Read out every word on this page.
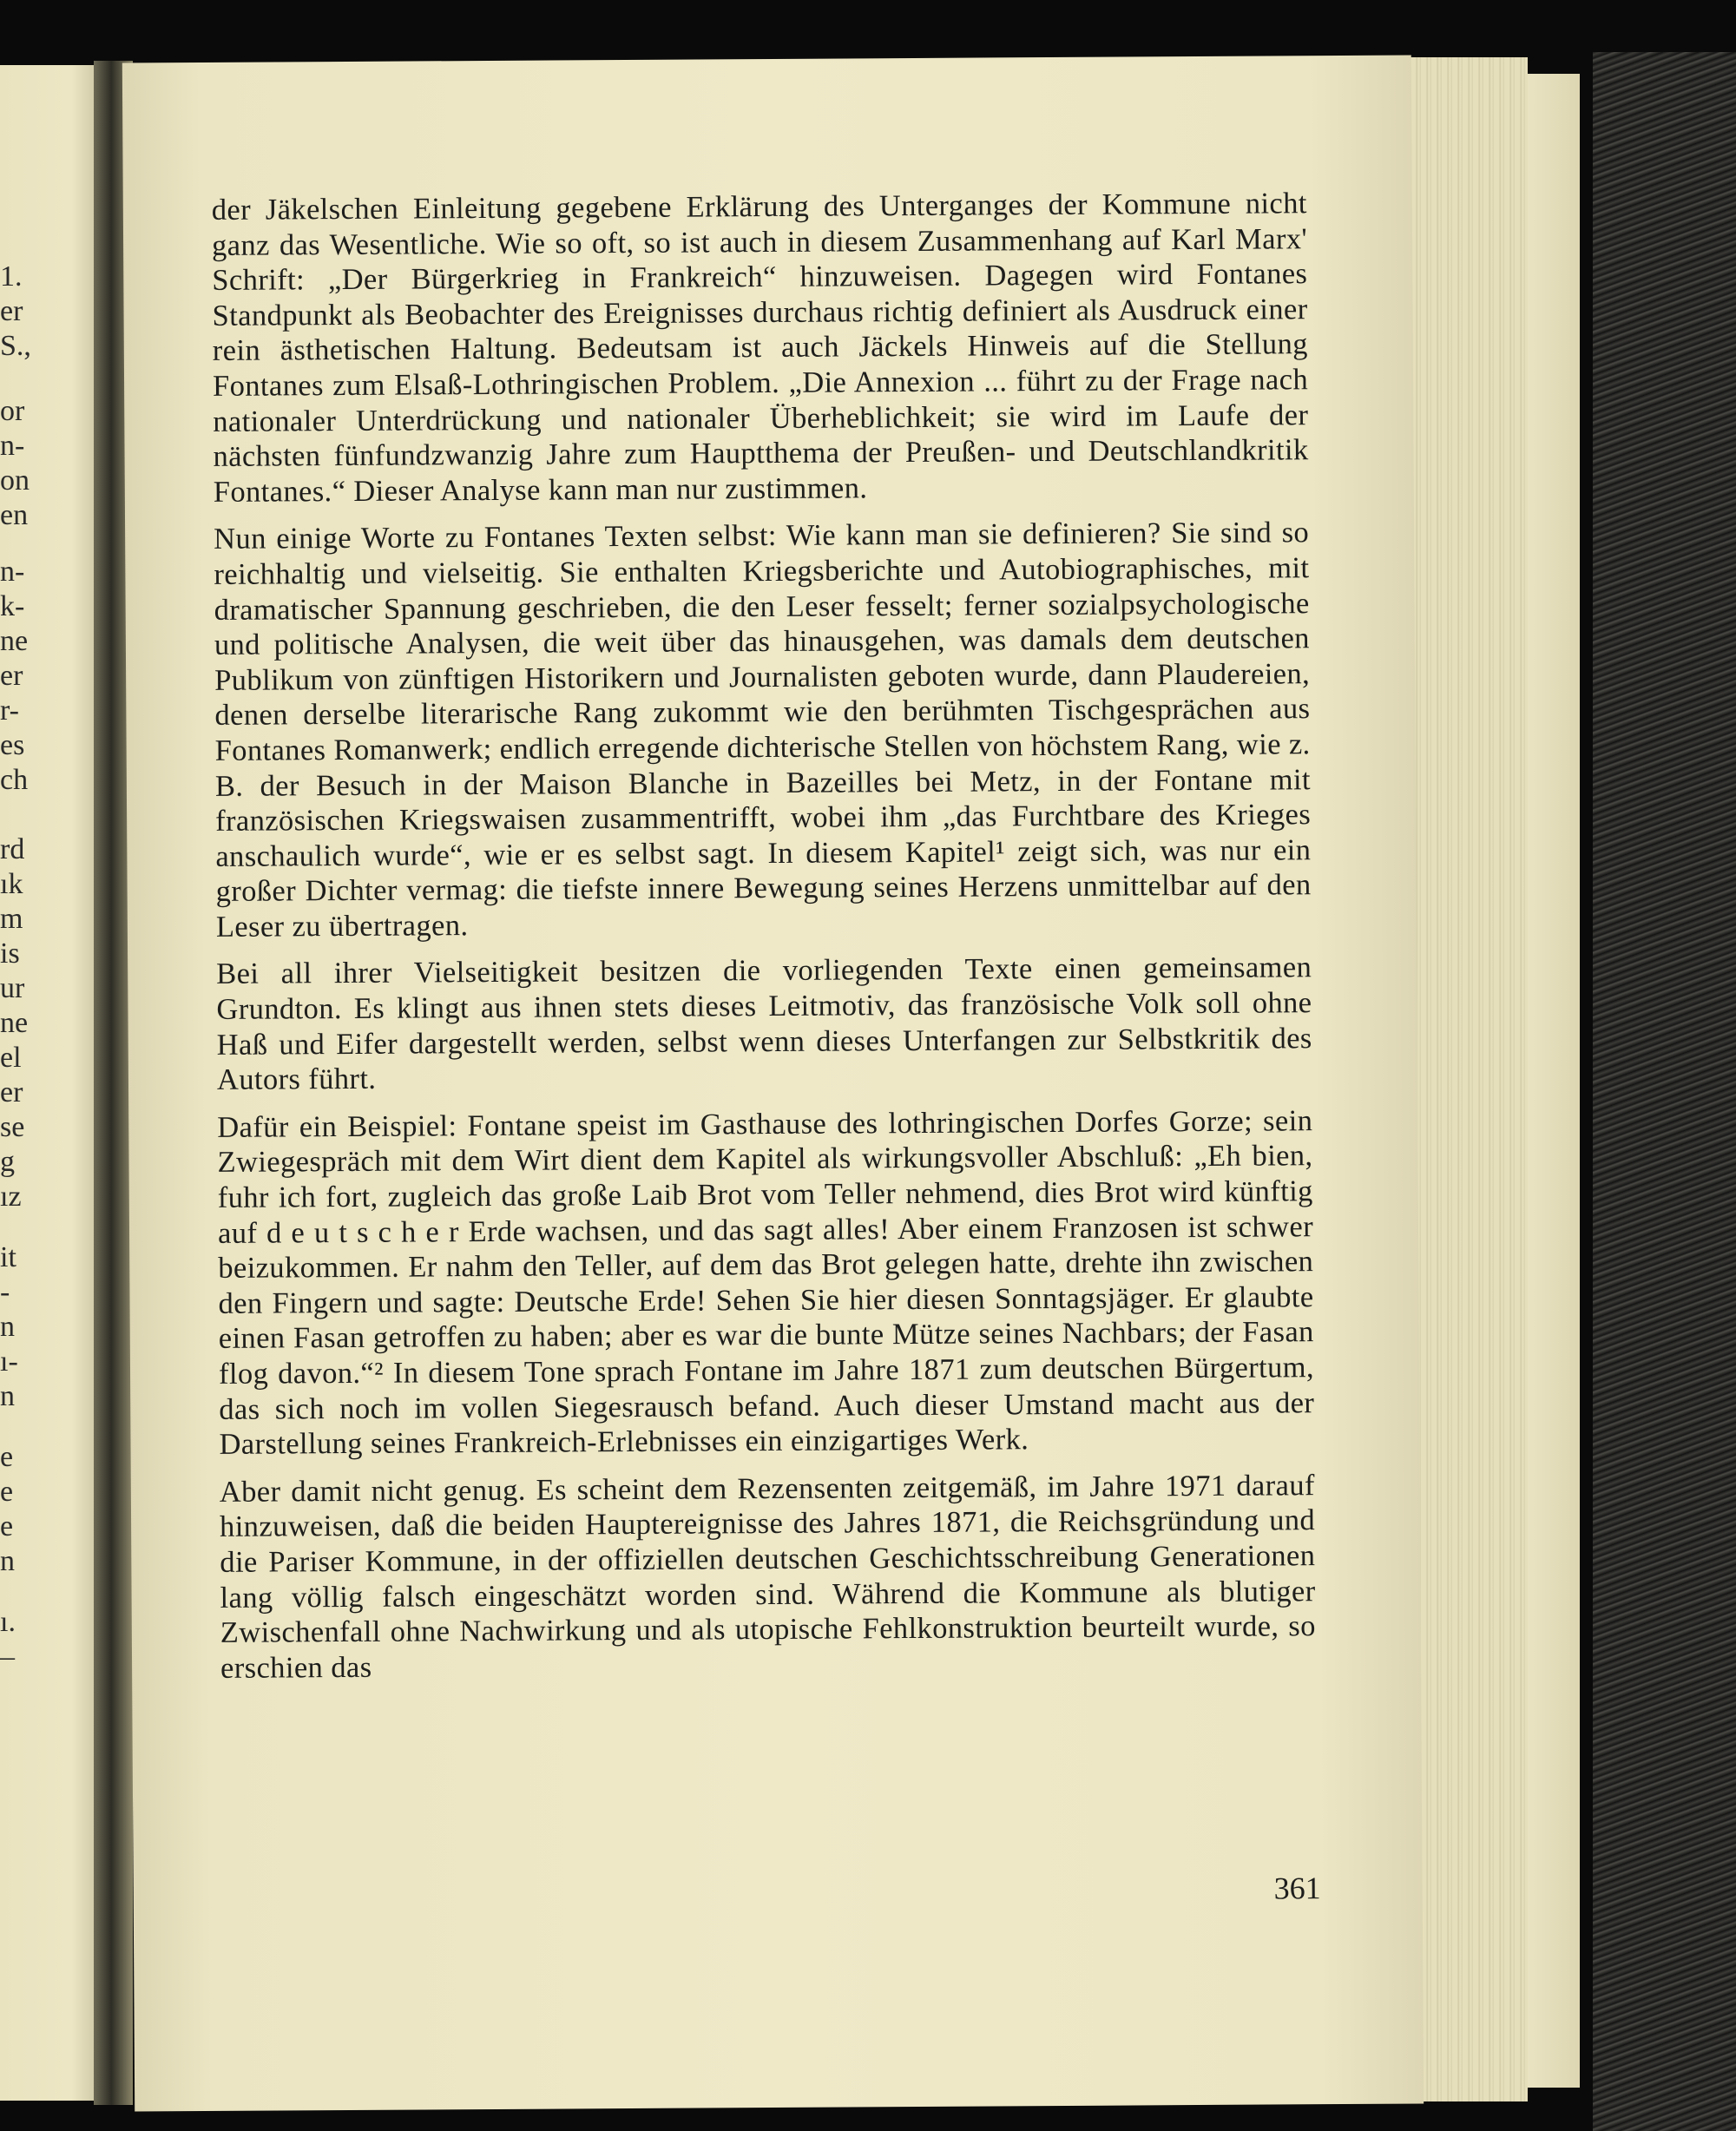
1.
er
S.,
or
n-
on
en
n-
k-
ne
er
r-
es
ch
rd
ık
m
is
ur
ne
el
er
se
g
ız
it
-
n
ı-
n
e
e
e
n
ı.
–

der Jäkelschen Einleitung gegebene Erklärung des Unterganges der Kommune nicht ganz das Wesentliche. Wie so oft, so ist auch in diesem Zusammenhang auf Karl Marx' Schrift: „Der Bürgerkrieg in Frankreich“ hinzuweisen. Dagegen wird Fontanes Standpunkt als Beobachter des Ereignisses durchaus richtig definiert als Ausdruck einer rein ästhetischen Haltung. Bedeutsam ist auch Jäckels Hinweis auf die Stellung Fontanes zum Elsaß-Lothringischen Problem. „Die Annexion ... führt zu der Frage nach nationaler Unterdrückung und nationaler Überheblichkeit; sie wird im Laufe der nächsten fünfundzwanzig Jahre zum Hauptthema der Preußen- und Deutschlandkritik Fontanes.“ Dieser Analyse kann man nur zustimmen.

Nun einige Worte zu Fontanes Texten selbst: Wie kann man sie definieren? Sie sind so reichhaltig und vielseitig. Sie enthalten Kriegsberichte und Autobiographisches, mit dramatischer Spannung geschrieben, die den Leser fesselt; ferner sozialpsychologische und politische Analysen, die weit über das hinausgehen, was damals dem deutschen Publikum von zünftigen Historikern und Journalisten geboten wurde, dann Plaudereien, denen derselbe literarische Rang zukommt wie den berühmten Tischgesprächen aus Fontanes Romanwerk; endlich erregende dichterische Stellen von höchstem Rang, wie z. B. der Besuch in der Maison Blanche in Bazeilles bei Metz, in der Fontane mit französischen Kriegswaisen zusammentrifft, wobei ihm „das Furchtbare des Krieges anschaulich wurde“, wie er es selbst sagt. In diesem Kapitel¹ zeigt sich, was nur ein großer Dichter vermag: die tiefste innere Bewegung seines Herzens unmittelbar auf den Leser zu übertragen.

Bei all ihrer Vielseitigkeit besitzen die vorliegenden Texte einen gemeinsamen Grundton. Es klingt aus ihnen stets dieses Leitmotiv, das französische Volk soll ohne Haß und Eifer dargestellt werden, selbst wenn dieses Unterfangen zur Selbstkritik des Autors führt.

Dafür ein Beispiel: Fontane speist im Gasthause des lothringischen Dorfes Gorze; sein Zwiegespräch mit dem Wirt dient dem Kapitel als wirkungsvoller Abschluß: „Eh bien, fuhr ich fort, zugleich das große Laib Brot vom Teller nehmend, dies Brot wird künftig auf d e u t s c h e r Erde wachsen, und das sagt alles! Aber einem Franzosen ist schwer beizukommen. Er nahm den Teller, auf dem das Brot gelegen hatte, drehte ihn zwischen den Fingern und sagte: Deutsche Erde! Sehen Sie hier diesen Sonntagsjäger. Er glaubte einen Fasan getroffen zu haben; aber es war die bunte Mütze seines Nachbars; der Fasan flog davon.“² In diesem Tone sprach Fontane im Jahre 1871 zum deutschen Bürgertum, das sich noch im vollen Siegesrausch befand. Auch dieser Umstand macht aus der Darstellung seines Frankreich-Erlebnisses ein einzigartiges Werk.

Aber damit nicht genug. Es scheint dem Rezensenten zeitgemäß, im Jahre 1971 darauf hinzuweisen, daß die beiden Hauptereignisse des Jahres 1871, die Reichsgründung und die Pariser Kommune, in der offiziellen deutschen Geschichtsschreibung Generationen lang völlig falsch eingeschätzt worden sind. Während die Kommune als blutiger Zwischenfall ohne Nachwirkung und als utopische Fehlkonstruktion beurteilt wurde, so erschien das

361
